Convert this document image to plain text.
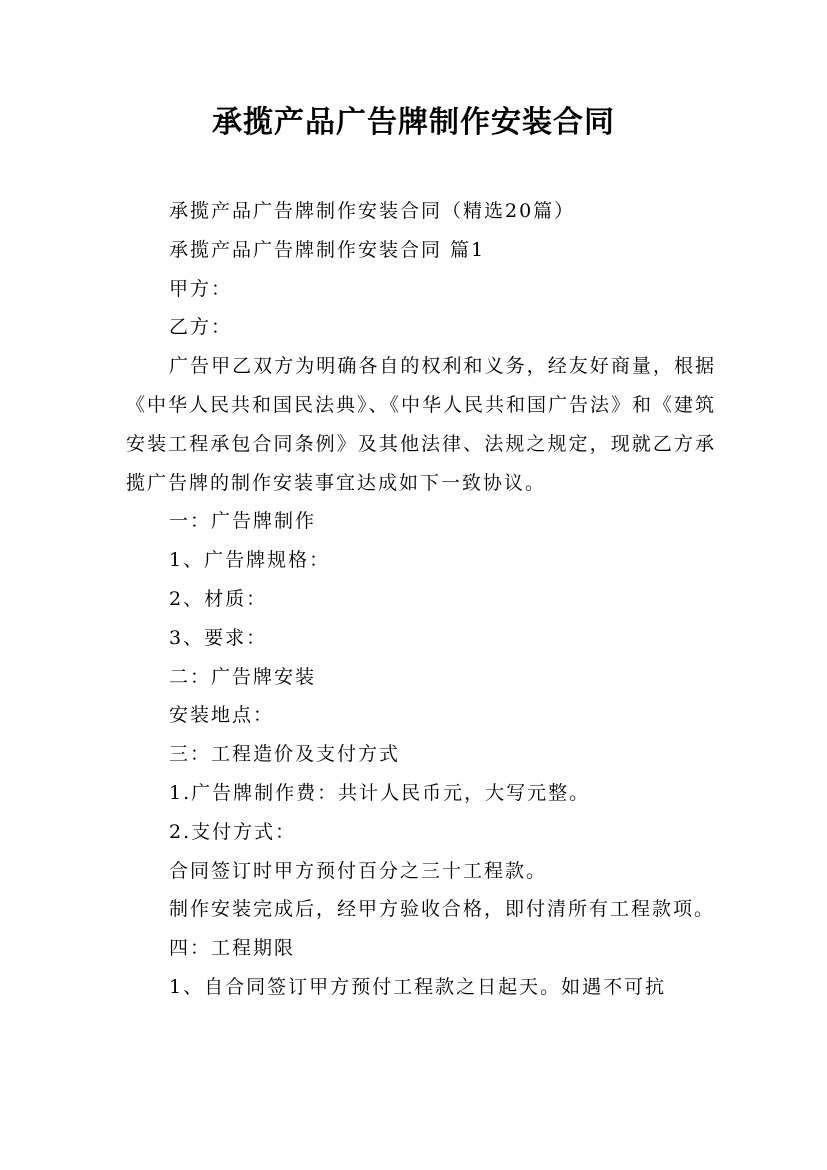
承揽产品广告牌制作安装合同

承揽产品广告牌制作安装合同（精选20篇）

承揽产品广告牌制作安装合同 篇1

甲方：

乙方：

广告甲乙双方为明确各自的权利和义务，经友好商量，根据《中华人民共和国民法典》、《中华人民共和国广告法》和《建筑安装工程承包合同条例》及其他法律、法规之规定，现就乙方承揽广告牌的制作安装事宜达成如下一致协议。

一：广告牌制作

1、广告牌规格：

2、材质：

3、要求：

二：广告牌安装

安装地点：

三：工程造价及支付方式

1.广告牌制作费：共计人民币元，大写元整。

2.支付方式：

合同签订时甲方预付百分之三十工程款。

制作安装完成后，经甲方验收合格，即付清所有工程款项。

四：工程期限

1、自合同签订甲方预付工程款之日起天。如遇不可抗
